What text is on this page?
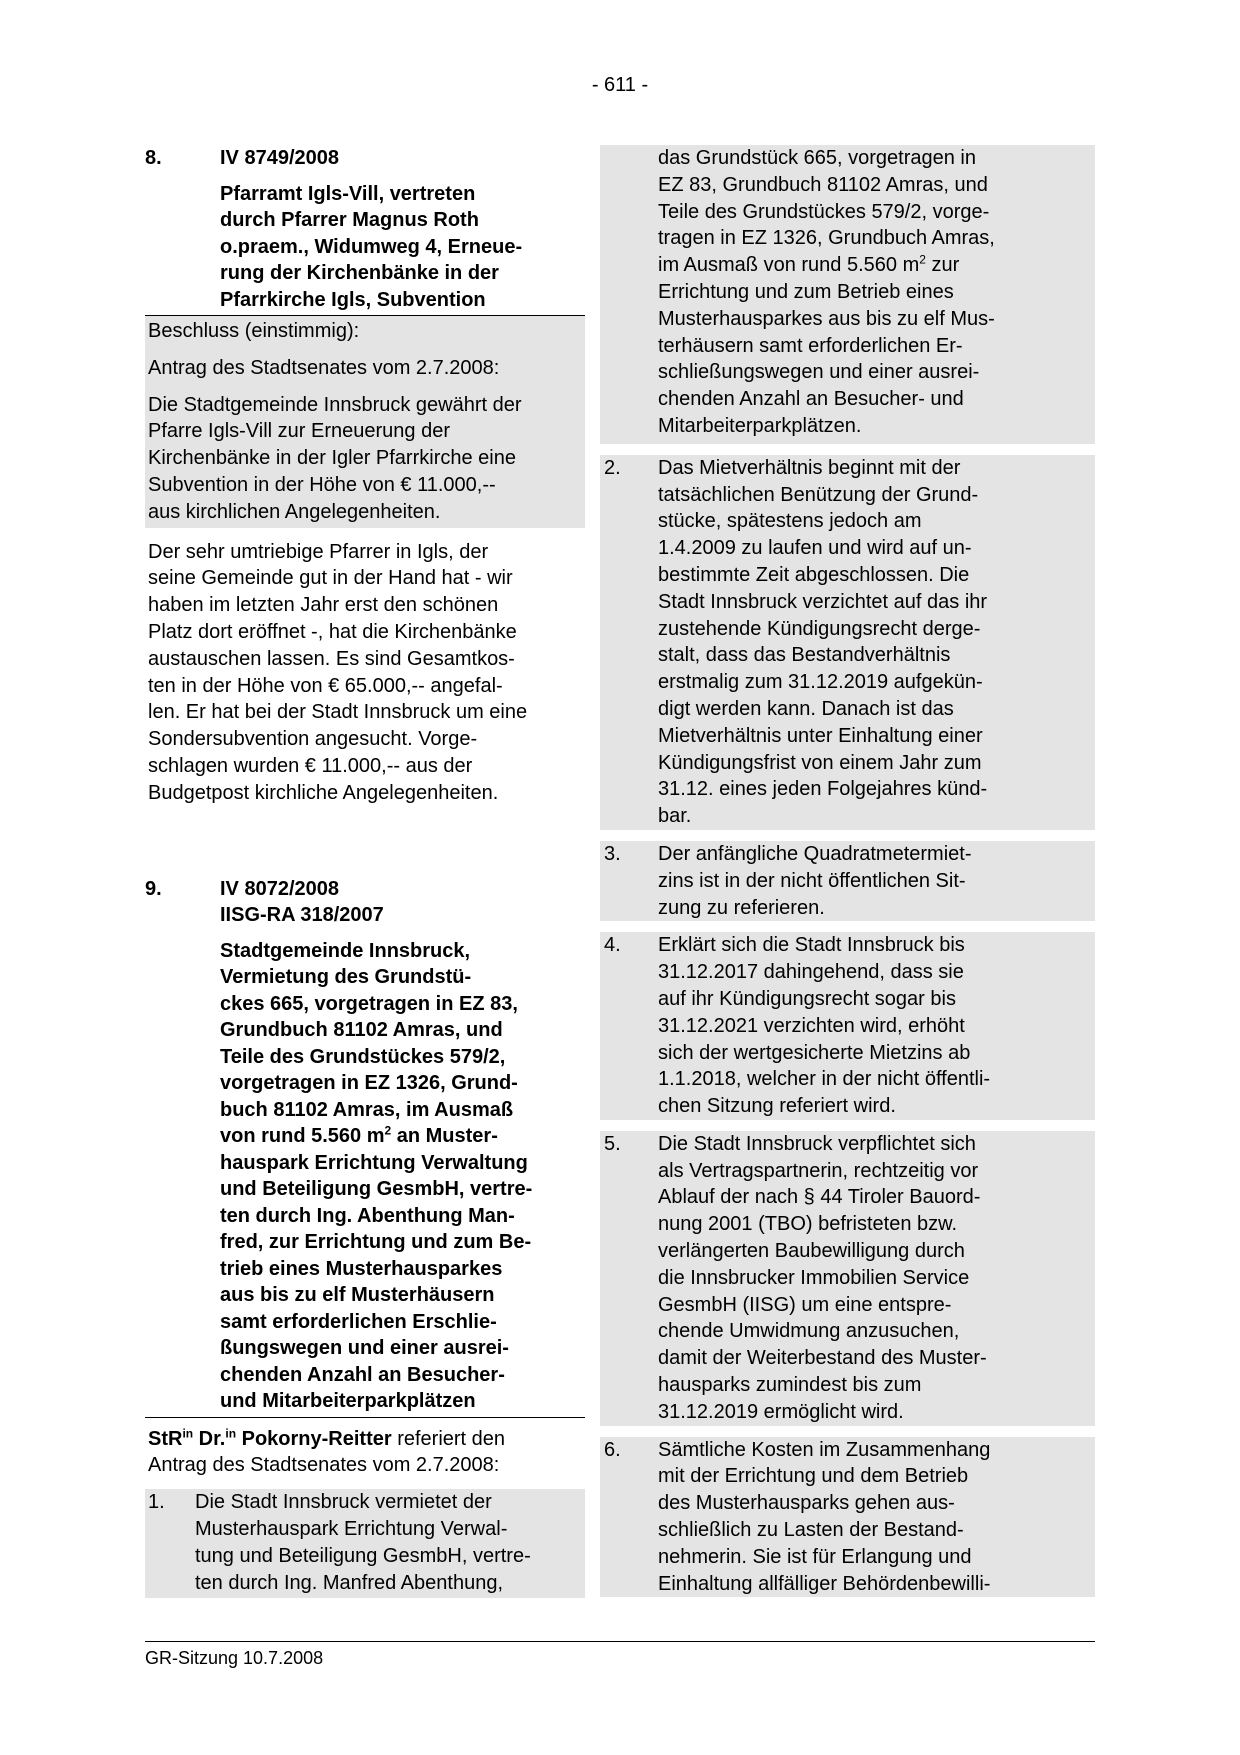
- 611 -
8.	IV 8749/2008
Pfarramt Igls-Vill, vertreten
durch Pfarrer Magnus Roth
o.praem., Widumweg 4, Erneue-
rung der Kirchenbänke in der
Pfarrkirche Igls, Subvention
Beschluss (einstimmig):
Antrag des Stadtsenates vom 2.7.2008:
Die Stadtgemeinde Innsbruck gewährt der
Pfarre Igls-Vill zur Erneuerung der
Kirchenbänke in der Igler Pfarrkirche eine
Subvention in der Höhe von € 11.000,--
aus kirchlichen Angelegenheiten.
Der sehr umtriebige Pfarrer in Igls, der
seine Gemeinde gut in der Hand hat - wir
haben im letzten Jahr erst den schönen
Platz dort eröffnet -, hat die Kirchenbänke
austauschen lassen. Es sind Gesamtkos-
ten in der Höhe von € 65.000,-- angefal-
len. Er hat bei der Stadt Innsbruck um eine
Sondersubvention angesucht. Vorge-
schlagen wurden € 11.000,-- aus der
Budgetpost kirchliche Angelegenheiten.
9.	IV 8072/2008
IISG-RA 318/2007
Stadtgemeinde Innsbruck,
Vermietung des Grundstü-
ckes 665, vorgetragen in EZ 83,
Grundbuch 81102 Amras, und
Teile des Grundstückes 579/2,
vorgetragen in EZ 1326, Grund-
buch 81102 Amras, im Ausmaß
von rund 5.560 $m^2$ an Muster-
hauspark Errichtung Verwaltung
und Beteiligung GesmbH, vertre-
ten durch Ing. Abenthung Man-
fred, zur Errichtung und zum Be-
trieb eines Musterhausparkes
aus bis zu elf Musterhäusern
samt erforderlichen Erschlie-
ßungswegen und einer ausrei-
chenden Anzahl an Besucher-
und Mitarbeiterparkplätzen
StR$^{in}$ Dr.$^{in}$ Pokorny-Reitter referiert den
Antrag des Stadtsenates vom 2.7.2008:
1.	Die Stadt Innsbruck vermietet der
Musterhauspark Errichtung Verwal-
tung und Beteiligung GesmbH, vertre-
ten durch Ing. Manfred Abenthung,
das Grundstück 665, vorgetragen in
EZ 83, Grundbuch 81102 Amras, und
Teile des Grundstückes 579/2, vorge-
tragen in EZ 1326, Grundbuch Amras,
im Ausmaß von rund 5.560 $m^2$ zur
Errichtung und zum Betrieb eines
Musterhausparkes aus bis zu elf Mus-
terhäusern samt erforderlichen Er-
schließungswegen und einer ausrei-
chenden Anzahl an Besucher- und
Mitarbeiterparkplätzen.
2.	Das Mietverhältnis beginnt mit der
tatsächlichen Benützung der Grund-
stücke, spätestens jedoch am
1.4.2009 zu laufen und wird auf un-
bestimmte Zeit abgeschlossen. Die
Stadt Innsbruck verzichtet auf das ihr
zustehende Kündigungsrecht derge-
stalt, dass das Bestandverhältnis
erstmalig zum 31.12.2019 aufgekün-
digt werden kann. Danach ist das
Mietverhältnis unter Einhaltung einer
Kündigungsfrist von einem Jahr zum
31.12. eines jeden Folgejahres künd-
bar.
3.	Der anfängliche Quadratmetermiet-
zins ist in der nicht öffentlichen Sit-
zung zu referieren.
4.	Erklärt sich die Stadt Innsbruck bis
31.12.2017 dahingehend, dass sie
auf ihr Kündigungsrecht sogar bis
31.12.2021 verzichten wird, erhöht
sich der wertgesicherte Mietzins ab
1.1.2018, welcher in der nicht öffentli-
chen Sitzung referiert wird.
5.	Die Stadt Innsbruck verpflichtet sich
als Vertragspartnerin, rechtzeitig vor
Ablauf der nach § 44 Tiroler Bauord-
nung 2001 (TBO) befristeten bzw.
verlängerten Baubewilligung durch
die Innsbrucker Immobilien Service
GesmbH (IISG) um eine entspre-
chende Umwidmung anzusuchen,
damit der Weiterbestand des Muster-
hausparks zumindest bis zum
31.12.2019 ermöglicht wird.
6.	Sämtliche Kosten im Zusammenhang
mit der Errichtung und dem Betrieb
des Musterhausparks gehen aus-
schließlich zu Lasten der Bestand-
nehmerin. Sie ist für Erlangung und
Einhaltung allfälliger Behördenbewilli-
GR-Sitzung 10.7.2008
